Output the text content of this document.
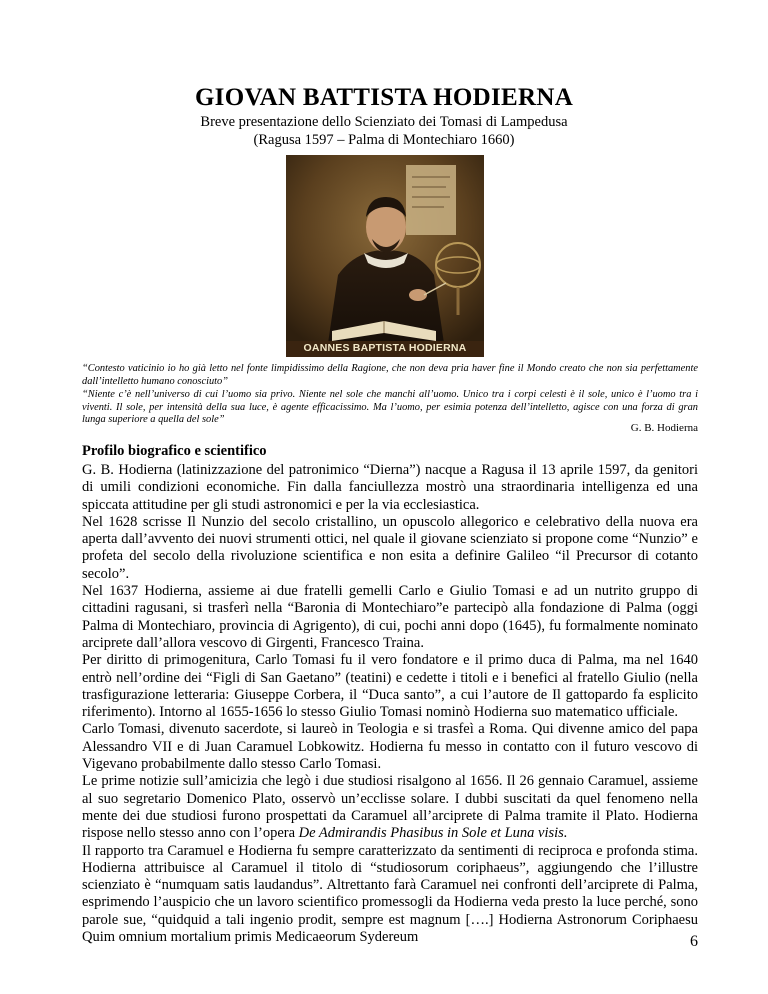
GIOVAN BATTISTA HODIERNA
Breve presentazione dello Scienziato dei Tomasi di Lampedusa
(Ragusa 1597 – Palma di Montechiaro 1660)
OANNES BAPTISTA HODIERNA
“Contesto vaticinio io ho già letto nel fonte limpidissimo della Ragione, che non deva pria haver fine il Mondo creato che non sia perfettamente dall’intelletto humano conosciuto”
“Niente c’è nell’universo di cui l’uomo sia privo. Niente nel sole che manchi all’uomo. Unico tra i corpi celesti è il sole, unico è l’uomo tra i viventi. Il sole, per intensità della sua luce, è agente efficacissimo. Ma l’uomo, per esimia potenza dell’intelletto, agisce con una forza di gran lunga superiore a quella del sole”
G. B. Hodierna
Profilo biografico e scientifico

G. B. Hodierna (latinizzazione del patronimico “Dierna”) nacque a Ragusa il 13 aprile 1597, da genitori di umili condizioni economiche. Fin dalla fanciullezza mostrò una straordinaria intelligenza ed una spiccata attitudine per gli studi astronomici e per la via ecclesiastica.

Nel 1628 scrisse Il Nunzio del secolo cristallino, un opuscolo allegorico e celebrativo della nuova era aperta dall’avvento dei nuovi strumenti ottici, nel quale il giovane scienziato si propone come “Nunzio” e profeta del secolo della rivoluzione scientifica e non esita a definire Galileo “il Precursor di cotanto secolo”.

Nel 1637 Hodierna, assieme ai due fratelli gemelli Carlo e Giulio Tomasi e ad un nutrito gruppo di cittadini ragusani, si trasferì nella “Baronia di Montechiaro”e partecipò alla fondazione di Palma (oggi Palma di Montechiaro, provincia di Agrigento), di cui, pochi anni dopo (1645), fu formalmente nominato arciprete dall’allora vescovo di Girgenti, Francesco Traina.

Per diritto di primogenitura, Carlo Tomasi fu il vero fondatore e il primo duca di Palma, ma nel 1640 entrò nell’ordine dei “Figli di San Gaetano” (teatini) e cedette i titoli e i benefici al fratello Giulio (nella trasfigurazione letteraria: Giuseppe Corbera, il “Duca santo”, a cui l’autore de Il gattopardo fa esplicito riferimento). Intorno al 1655-1656 lo stesso Giulio Tomasi nominò Hodierna suo matematico ufficiale.

Carlo Tomasi, divenuto sacerdote, si laureò in Teologia e si trasfeì a Roma. Qui divenne amico del papa Alessandro VII e di Juan Caramuel Lobkowitz. Hodierna fu messo in contatto con il futuro vescovo di Vigevano probabilmente dallo stesso Carlo Tomasi.

Le prime notizie sull’amicizia che legò i due studiosi risalgono al 1656. Il 26 gennaio Caramuel, assieme al suo segretario Domenico Plato, osservò un’ecclisse solare. I dubbi suscitati da quel fenomeno nella mente dei due studiosi furono prospettati da Caramuel all’arciprete di Palma tramite il Plato. Hodierna rispose nello stesso anno con l’opera De Admirandis Phasibus in Sole et Luna visis.

Il rapporto tra Caramuel e Hodierna fu sempre caratterizzato da sentimenti di reciproca e profonda stima. Hodierna attribuisce al Caramuel il titolo di “studiosorum coriphaeus”, aggiungendo che l’illustre scienziato è “numquam satis laudandus”. Altrettanto farà Caramuel nei confronti dell’arciprete di Palma, esprimendo l’auspicio che un lavoro scientifico promessogli da Hodierna veda presto la luce perché, sono parole sue, “quidquid a tali ingenio prodit, sempre est magnum [….] Hodierna Astronorum Coriphaesu Quim omnium mortalium primis Medicaeorum Sydereum	6
